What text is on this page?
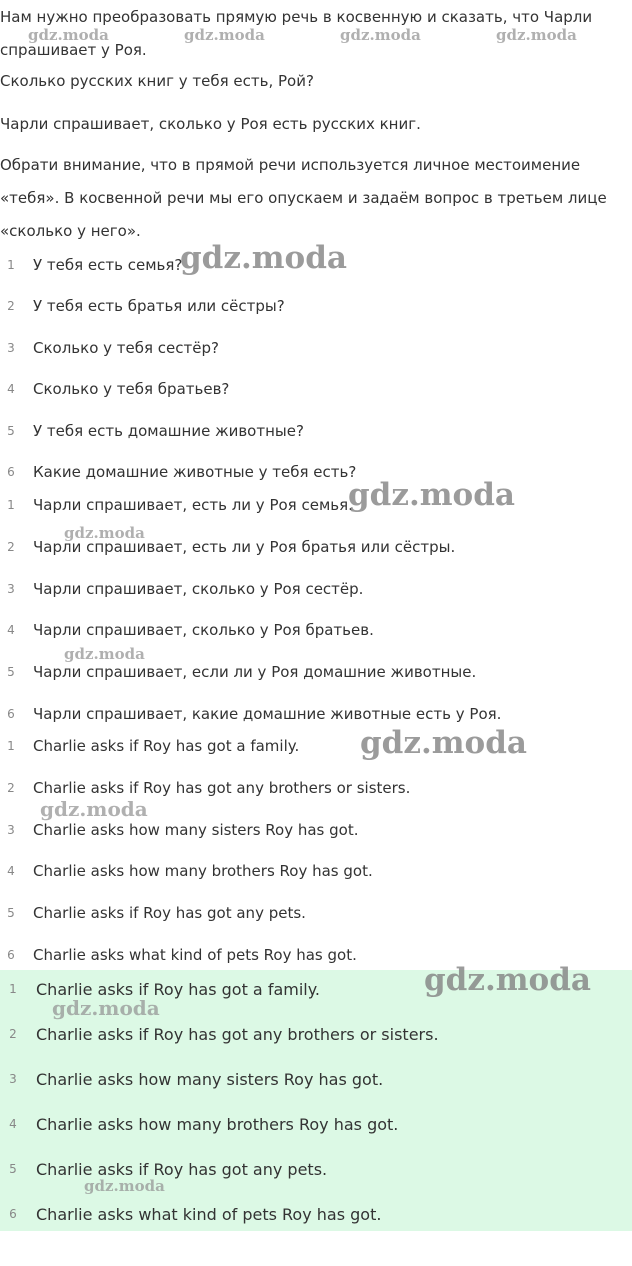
Нам нужно преобразовать прямую речь в косвенную и сказать, что Чарли

спрашивает у Роя.

Сколько русских книг у тебя есть, Рой?

Чарли спрашивает, сколько у Роя есть русских книг.

Обрати внимание, что в прямой речи используется личное местоимение

«тебя». В косвенной речи мы его опускаем и задаём вопрос в третьем лице

«сколько у него».

1	У тебя есть семья?
2	У тебя есть братья или сёстры?
3	Сколько у тебя сестёр?
4	Сколько у тебя братьев?
5	У тебя есть домашние животные?
6	Какие домашние животные у тебя есть?
1	Чарли спрашивает, есть ли у Роя семья.
2	Чарли спрашивает, есть ли у Роя братья или сёстры.
3	Чарли спрашивает, сколько у Роя сестёр.
4	Чарли спрашивает, сколько у Роя братьев.
5	Чарли спрашивает, если ли у Роя домашние животные.
6	Чарли спрашивает, какие домашние животные есть у Роя.
1	Charlie asks if Roy has got a family.
2	Charlie asks if Roy has got any brothers or sisters.
3	Charlie asks how many sisters Roy has got.
4	Charlie asks how many brothers Roy has got.
5	Charlie asks if Roy has got any pets.
6	Charlie asks what kind of pets Roy has got.
1	Charlie asks if Roy has got a family.
2	Charlie asks if Roy has got any brothers or sisters.
3	Charlie asks how many sisters Roy has got.
4	Charlie asks how many brothers Roy has got.
5	Charlie asks if Roy has got any pets.
6	Charlie asks what kind of pets Roy has got.
gdz.moda	gdz.moda	gdz.moda	gdz.moda
gdz.moda
gdz.moda
gdz.moda
gdz.moda
gdz.moda
gdz.moda
gdz.moda
gdz.moda
gdz.moda
